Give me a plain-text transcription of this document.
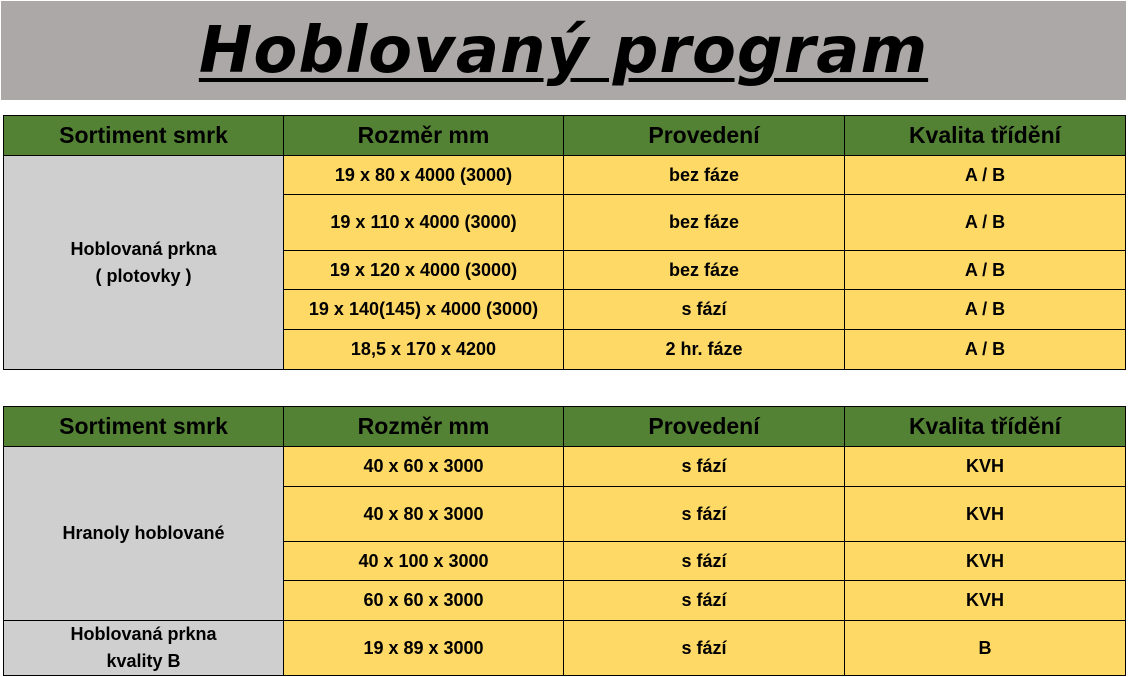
Hoblovaný program
Sortiment smrk	Rozměr mm	Provedení	Kvalita třídění
Hoblovaná prkna
( plotovky )	19 x 80 x 4000 (3000)	bez fáze	A / B
	19 x 110 x 4000 (3000)	bez fáze	A / B
	19 x 120 x 4000 (3000)	bez fáze	A / B
	19 x 140(145) x 4000 (3000)	s fází	A / B
	18,5 x 170 x 4200	2 hr. fáze	A / B
Sortiment smrk	Rozměr mm	Provedení	Kvalita třídění
Hranoly hoblované	40 x 60 x 3000	s fází	KVH
	40 x 80 x 3000	s fází	KVH
	40 x 100 x 3000	s fází	KVH
	60 x 60 x 3000	s fází	KVH
Hoblovaná prkna
kvality B	19 x 89 x 3000	s fází	B
